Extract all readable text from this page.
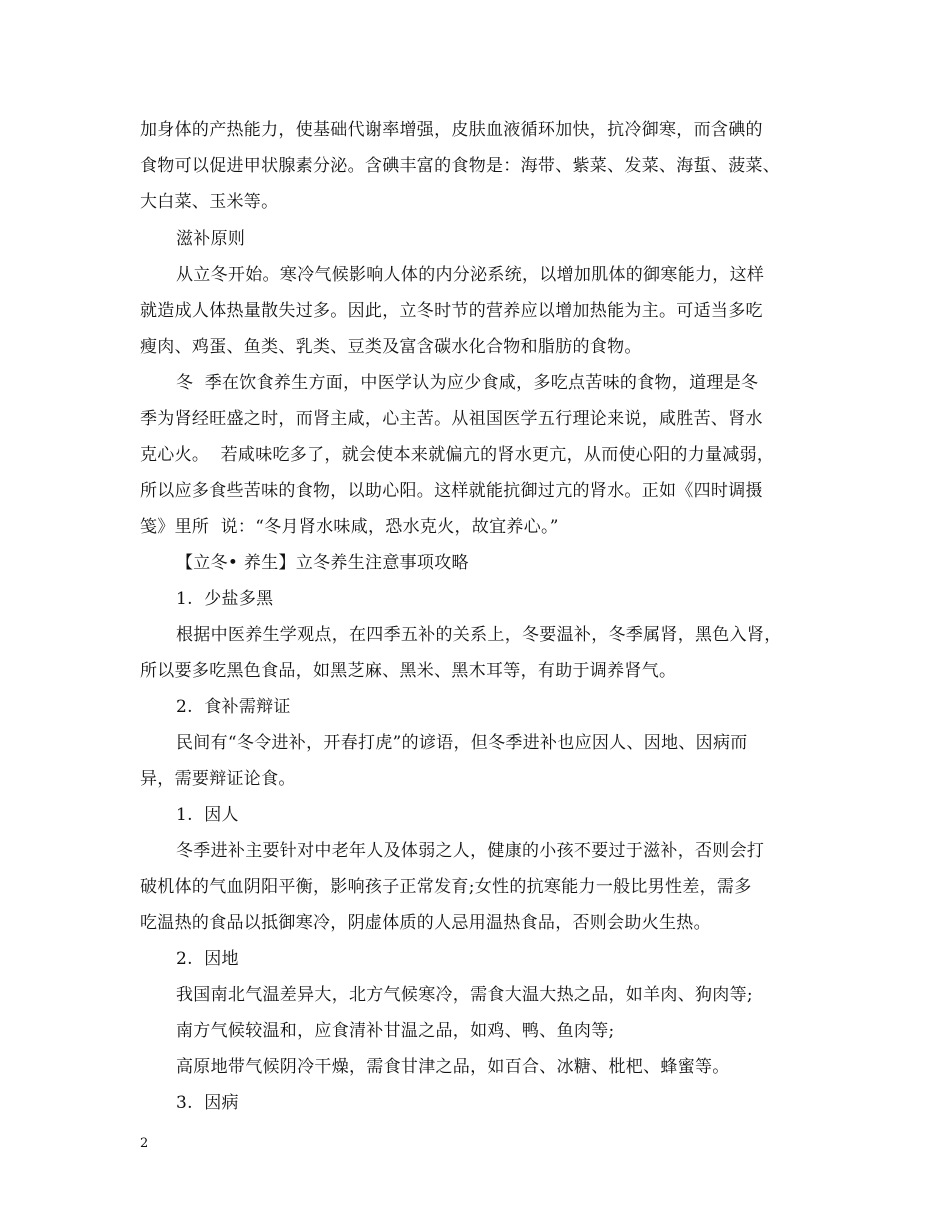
加身体的产热能力，使基础代谢率增强，皮肤血液循环加快，抗冷御寒，而含碘的
食物可以促进甲状腺素分泌。含碘丰富的食物是：海带、紫菜、发菜、海蜇、菠菜、
大白菜、玉米等。
滋补原则
从立冬开始。寒冷气候影响人体的内分泌系统，以增加肌体的御寒能力，这样
就造成人体热量散失过多。因此，立冬时节的营养应以增加热能为主。可适当多吃
瘦肉、鸡蛋、鱼类、乳类、豆类及富含碳水化合物和脂肪的食物。
冬  季在饮食养生方面，中医学认为应少食咸，多吃点苦味的食物，道理是冬
季为肾经旺盛之时，而肾主咸，心主苦。从祖国医学五行理论来说，咸胜苦、肾水
克心火。  若咸味吃多了，就会使本来就偏亢的肾水更亢，从而使心阳的力量减弱，
所以应多食些苦味的食物，以助心阳。这样就能抗御过亢的肾水。正如《四时调摄
笺》里所  说：“冬月肾水味咸，恐水克火，故宜养心。”
【立冬• 养生】立冬养生注意事项攻略
1.  少盐多黑
根据中医养生学观点，在四季五补的关系上，冬要温补，冬季属肾，黑色入肾，
所以要多吃黑色食品，如黑芝麻、黑米、黑木耳等，有助于调养肾气。
2.  食补需辩证
民间有“冬令进补，开春打虎”的谚语，但冬季进补也应因人、因地、因病而
异，需要辩证论食。
1.  因人
冬季进补主要针对中老年人及体弱之人，健康的小孩不要过于滋补，否则会打
破机体的气血阴阳平衡，影响孩子正常发育;女性的抗寒能力一般比男性差，需多
吃温热的食品以抵御寒冷，阴虚体质的人忌用温热食品，否则会助火生热。
2.  因地
我国南北气温差异大，北方气候寒冷，需食大温大热之品，如羊肉、狗肉等;
南方气候较温和，应食清补甘温之品，如鸡、鸭、鱼肉等;
高原地带气候阴冷干燥，需食甘津之品，如百合、冰糖、枇杷、蜂蜜等。
3.  因病
2
